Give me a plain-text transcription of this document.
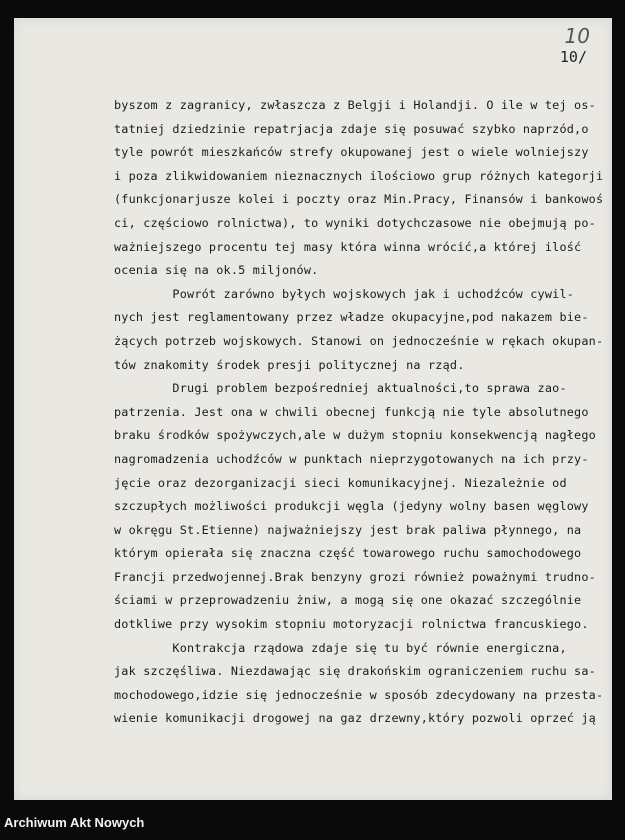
10
10/
byszom z zagranicy, zwłaszcza z Belgji i Holandji. O ile w tej os-
tatniej dziedzinie repatrjacja zdaje się posuwać szybko naprzód,o
tyle powrót mieszkańców strefy okupowanej jest o wiele wolniejszy
i poza zlikwidowaniem nieznacznych ilościowo grup różnych kategorji
(funkcjonarjusze kolei i poczty oraz Min.Pracy, Finansów i bankowoś
ci, częściowo rolnictwa), to wyniki dotychczasowe nie obejmują po-
ważniejszego procentu tej masy która winna wrócić,a której ilość
ocenia się na ok.5 miljonów.
Powrót zarówno byłych wojskowych jak i uchodźców cywil-
nych jest reglamentowany przez władze okupacyjne,pod nakazem bie-
żących potrzeb wojskowych. Stanowi on jednocześnie w rękach okupan-
tów znakomity środek presji politycznej na rząd.
Drugi problem bezpośredniej aktualności,to sprawa zao-
patrzenia. Jest ona w chwili obecnej funkcją nie tyle absolutnego
braku środków spożywczych,ale w dużym stopniu konsekwencją nagłego
nagromadzenia uchodźców w punktach nieprzygotowanych na ich przy-
jęcie oraz dezorganizacji sieci komunikacyjnej. Niezależnie od
szczupłych możliwości produkcji węgla (jedyny wolny basen węglowy
w okręgu St.Etienne) najważniejszy jest brak paliwa płynnego, na
którym opierała się znaczna część towarowego ruchu samochodowego
Francji przedwojennej.Brak benzyny grozi również poważnymi trudno-
ściami w przeprowadzeniu żniw, a mogą się one okazać szczególnie
dotkliwe przy wysokim stopniu motoryzacji rolnictwa francuskiego.
Kontrakcja rządowa zdaje się tu być równie energiczna,
jak szczęśliwa. Niezdawając się drakońskim ograniczeniem ruchu sa-
mochodowego,idzie się jednocześnie w sposób zdecydowany na przesta-
wienie komunikacji drogowej na gaz drzewny,który pozwoli oprzeć ją
Archiwum Akt Nowych
